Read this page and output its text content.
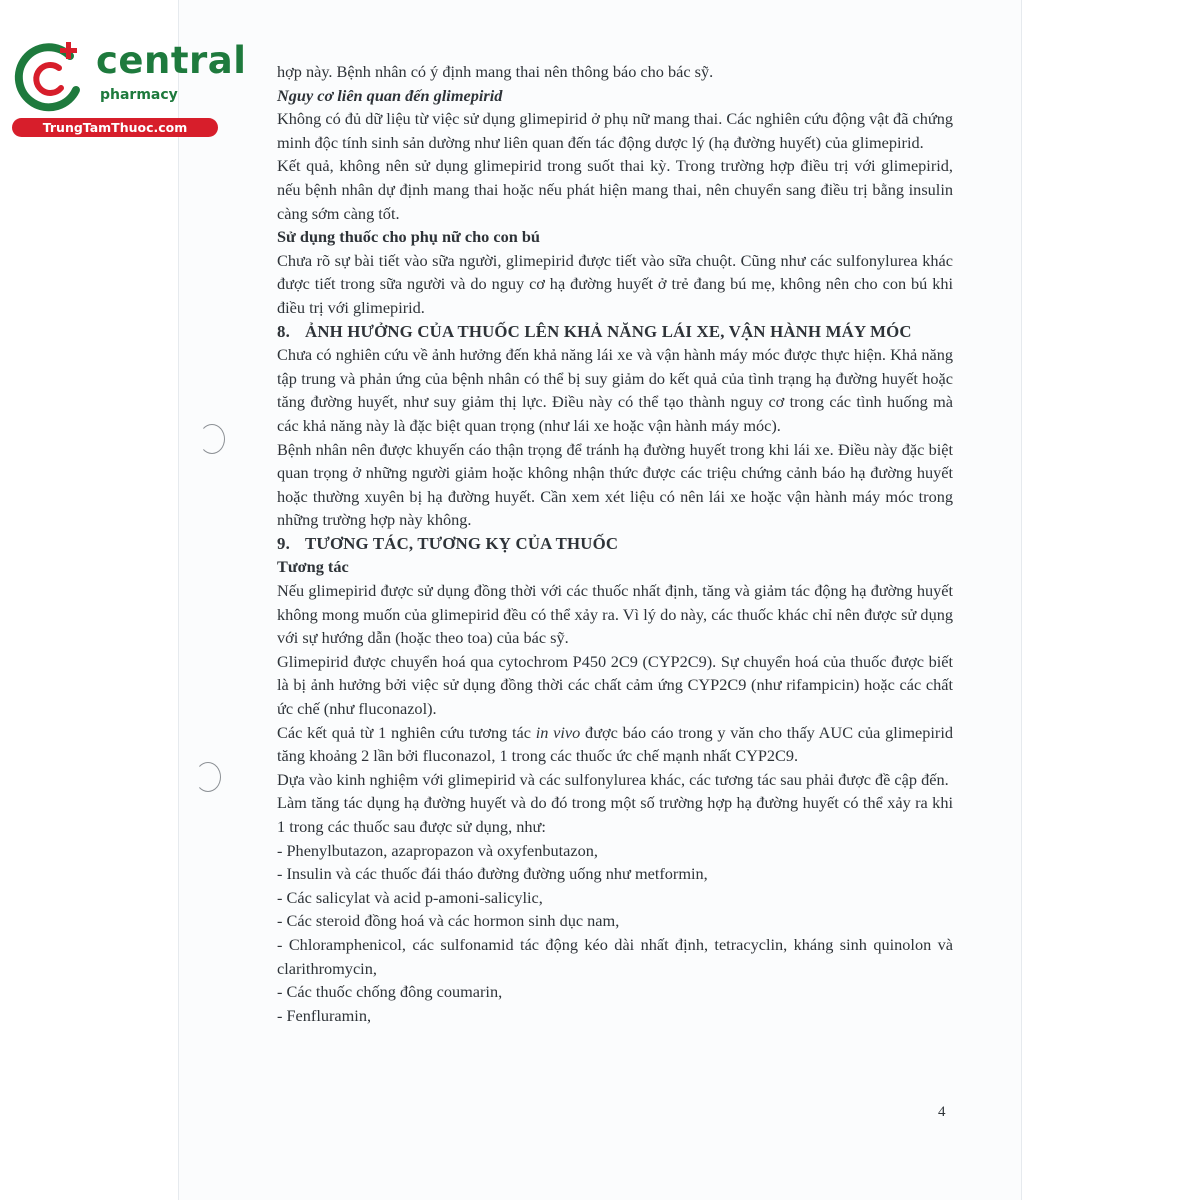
central
pharmacy
TrungTamThuoc.com

hợp này. Bệnh nhân có ý định mang thai nên thông báo cho bác sỹ.

Nguy cơ liên quan đến glimepirid

Không có đủ dữ liệu từ việc sử dụng glimepirid ở phụ nữ mang thai. Các nghiên cứu động vật đã chứng minh độc tính sinh sản dường như liên quan đến tác động dược lý (hạ đường huyết) của glimepirid.

Kết quả, không nên sử dụng glimepirid trong suốt thai kỳ. Trong trường hợp điều trị với glimepirid, nếu bệnh nhân dự định mang thai hoặc nếu phát hiện mang thai, nên chuyển sang điều trị bằng insulin càng sớm càng tốt.

Sử dụng thuốc cho phụ nữ cho con bú

Chưa rõ sự bài tiết vào sữa người, glimepirid được tiết vào sữa chuột. Cũng như các sulfonylurea khác được tiết trong sữa người và do nguy cơ hạ đường huyết ở trẻ đang bú mẹ, không nên cho con bú khi điều trị với glimepirid.

8. ẢNH HƯỞNG CỦA THUỐC LÊN KHẢ NĂNG LÁI XE, VẬN HÀNH MÁY MÓC

Chưa có nghiên cứu về ảnh hưởng đến khả năng lái xe và vận hành máy móc được thực hiện. Khả năng tập trung và phản ứng của bệnh nhân có thể bị suy giảm do kết quả của tình trạng hạ đường huyết hoặc tăng đường huyết, như suy giảm thị lực. Điều này có thể tạo thành nguy cơ trong các tình huống mà các khả năng này là đặc biệt quan trọng (như lái xe hoặc vận hành máy móc).

Bệnh nhân nên được khuyến cáo thận trọng để tránh hạ đường huyết trong khi lái xe. Điều này đặc biệt quan trọng ở những người giảm hoặc không nhận thức được các triệu chứng cảnh báo hạ đường huyết hoặc thường xuyên bị hạ đường huyết. Cần xem xét liệu có nên lái xe hoặc vận hành máy móc trong những trường hợp này không.

9. TƯƠNG TÁC, TƯƠNG KỴ CỦA THUỐC

Tương tác

Nếu glimepirid được sử dụng đồng thời với các thuốc nhất định, tăng và giảm tác động hạ đường huyết không mong muốn của glimepirid đều có thể xảy ra. Vì lý do này, các thuốc khác chỉ nên được sử dụng với sự hướng dẫn (hoặc theo toa) của bác sỹ.

Glimepirid được chuyển hoá qua cytochrom P450 2C9 (CYP2C9). Sự chuyển hoá của thuốc được biết là bị ảnh hưởng bởi việc sử dụng đồng thời các chất cảm ứng CYP2C9 (như rifampicin) hoặc các chất ức chế (như fluconazol).

Các kết quả từ 1 nghiên cứu tương tác in vivo được báo cáo trong y văn cho thấy AUC của glimepirid tăng khoảng 2 lần bởi fluconazol, 1 trong các thuốc ức chế mạnh nhất CYP2C9.

Dựa vào kinh nghiệm với glimepirid và các sulfonylurea khác, các tương tác sau phải được đề cập đến.

Làm tăng tác dụng hạ đường huyết và do đó trong một số trường hợp hạ đường huyết có thể xảy ra khi 1 trong các thuốc sau được sử dụng, như:

- Phenylbutazon, azapropazon và oxyfenbutazon,

- Insulin và các thuốc đái tháo đường đường uống như metformin,

- Các salicylat và acid p-amoni-salicylic,

- Các steroid đồng hoá và các hormon sinh dục nam,

- Chloramphenicol, các sulfonamid tác động kéo dài nhất định, tetracyclin, kháng sinh quinolon và clarithromycin,

- Các thuốc chống đông coumarin,

- Fenfluramin,

4
